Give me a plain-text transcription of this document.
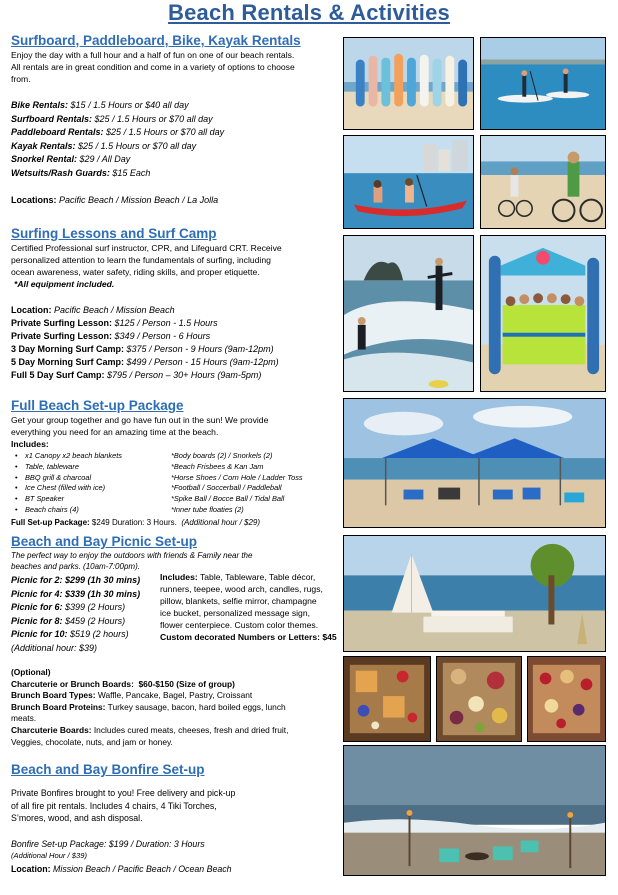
Beach Rentals & Activities
Surfboard, Paddleboard, Bike, Kayak Rentals
Enjoy the day with a full hour and a half of fun on one of our beach rentals.
All rentals are in great condition and come in a variety of options to choose
from.
Bike Rentals: $15 / 1.5 Hours or $40 all day
Surfboard Rentals: $25 / 1.5 Hours or $70 all day
Paddleboard Rentals: $25 / 1.5 Hours or $70 all day
Kayak Rentals: $25 / 1.5 Hours or $70 all day
Snorkel Rental: $29 / All Day
Wetsuits/Rash Guards: $15 Each
Locations: Pacific Beach / Mission Beach / La Jolla
Surfing Lessons and Surf Camp
Certified Professional surf instructor, CPR, and Lifeguard CRT. Receive
personalized attention to learn the fundamentals of surfing, including
ocean awareness, water safety, riding skills, and proper etiquette.
*All equipment included.
Location: Pacific Beach / Mission Beach
Private Surfing Lesson: $125 / Person - 1.5 Hours
Private Surfing Lesson: $349 / Person - 6 Hours
3 Day Morning Surf Camp: $375 / Person - 9 Hours (9am-12pm)
5 Day Morning Surf Camp: $499 / Person - 15 Hours (9am-12pm)
Full 5 Day Surf Camp: $795 / Person – 30+ Hours (9am-5pm)
Full Beach Set-up Package
Get your group together and go have fun out in the sun! We provide
everything you need for an amazing time at the beach.
Includes:
• x1 Canopy x2 beach blankets
• Table, tableware
• BBQ grill & charcoal
• Ice Chest (filled with ice)
• BT Speaker
• Beach chairs (4)
*Body boards (2) / Snorkels (2)
*Beach Frisbees & Kan Jam
*Horse Shoes / Corn Hole / Ladder Toss
*Football / Soccerball / Paddleball
*Spike Ball / Bocce Ball / Tidal Ball
*Inner tube floaties (2)
Full Set-up Package: $249 Duration: 3 Hours. (Additional hour / $29)
Beach and Bay Picnic Set-up
The perfect way to enjoy the outdoors with friends & Family near the
beaches and parks. (10am-7:00pm).
Picnic for 2: $299 (1h 30 mins)
Picnic for 4: $339 (1h 30 mins)
Picnic for 6: $399 (2 Hours)
Picnic for 8: $459 (2 Hours)
Picnic for 10: $519 (2 hours)
(Additional hour: $39)
Includes: Table, Tableware, Table décor,
runners, teepee, wood arch, candles, rugs,
pillow, blankets, selfie mirror, champagne
ice bucket, personalized message sign,
flower centerpiece. Custom color themes.
Custom decorated Numbers or Letters: $45
(Optional)
Charcuterie or Brunch Boards: $60-$150 (Size of group)
Brunch Board Types: Waffle, Pancake, Bagel, Pastry, Croissant
Brunch Board Proteins: Turkey sausage, bacon, hard boiled eggs, lunch
meats.
Charcuterie Boards: Includes cured meats, cheeses, fresh and dried fruit,
Veggies, chocolate, nuts, and jam or honey.
Beach and Bay Bonfire Set-up
Private Bonfires brought to you! Free delivery and pick-up
of all fire pit rentals. Includes 4 chairs, 4 Tiki Torches,
S’mores, wood, and ash disposal.
Bonfire Set-up Package: $199 / Duration: 3 Hours
(Additional Hour / $39)
Location: Mission Beach / Pacific Beach / Ocean Beach
